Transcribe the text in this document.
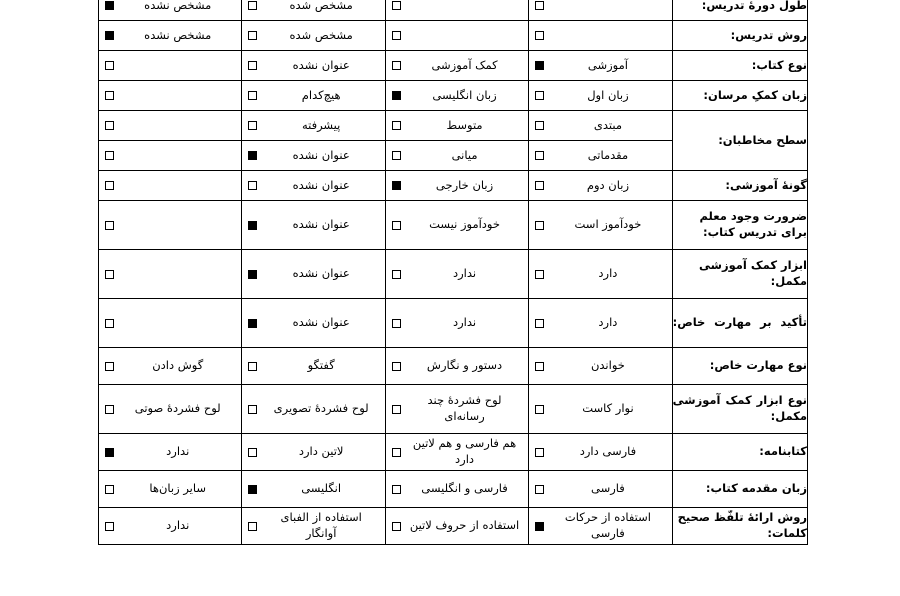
طول دورهٔ تدریس:			مشخص شده	مشخص نشده

روش تدریس:			مشخص شده	مشخص نشده

نوع کتاب:	آموزشی	کمک آموزشی	عنوان نشده	

زبان کمکِ مرسان:	زبان اول	زبان انگلیسی	هیچ‌کدام	

سطح مخاطبان:	مبتدی	متوسط	پیشرفته	

	مقدماتی	میانی	عنوان نشده	

گونهٔ آموزشی:	زبان دوم	زبان خارجی	عنوان نشده	

ضرورت وجود معلم برای تدریس کتاب:	خودآموز است	خودآموز نیست	عنوان نشده	

ابزار کمک آموزشی مکمل:	دارد	ندارد	عنوان نشده	

تأکید بر مهارت خاص:	دارد	ندارد	عنوان نشده	

نوع مهارت خاص:	خواندن	دستور و نگارش	گفتگو	گوش دادن

نوع ابزار کمک آموزشی مکمل:	نوار کاست	لوح فشردهٔ چند رسانه‌ای	لوح فشردهٔ تصویری	لوح فشردهٔ صوتی

کتابنامه:	فارسی دارد	هم فارسی و هم لاتین دارد	لاتین دارد	ندارد

زبان مقدمه کتاب:	فارسی	فارسی و انگلیسی	انگلیسی	سایر زبان‌ها

روش ارائهٔ تلفّظ صحیح کلمات:	استفاده از حرکات فارسی	استفاده از حروف لاتین	استفاده از الفبای آوانگار	ندارد
